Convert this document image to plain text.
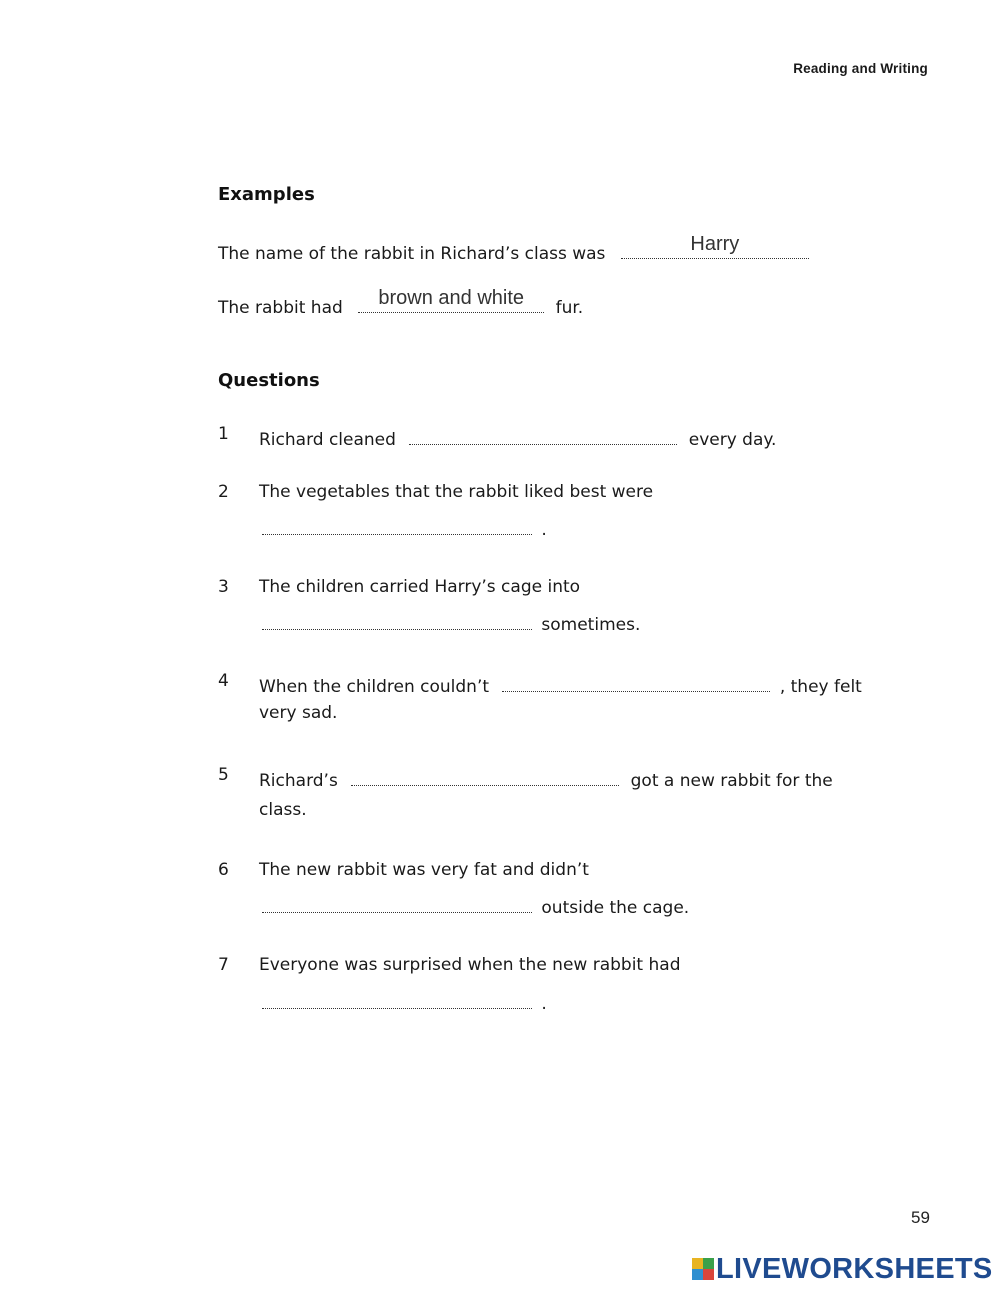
Reading and Writing
Examples
The name of the rabbit in Richard’s class was	Harry
The rabbit had	brown and white	fur.
Questions
1 Richard cleaned	every day.
2 The vegetables that the rabbit liked best were
.
3 The children carried Harry’s cage into
sometimes.
4 When the children couldn’t	, they felt
very sad.
5 Richard’s	got a new rabbit for the
class.
6 The new rabbit was very fat and didn’t
outside the cage.
7 Everyone was surprised when the new rabbit had
.
59
LIVEWORKSHEETS
